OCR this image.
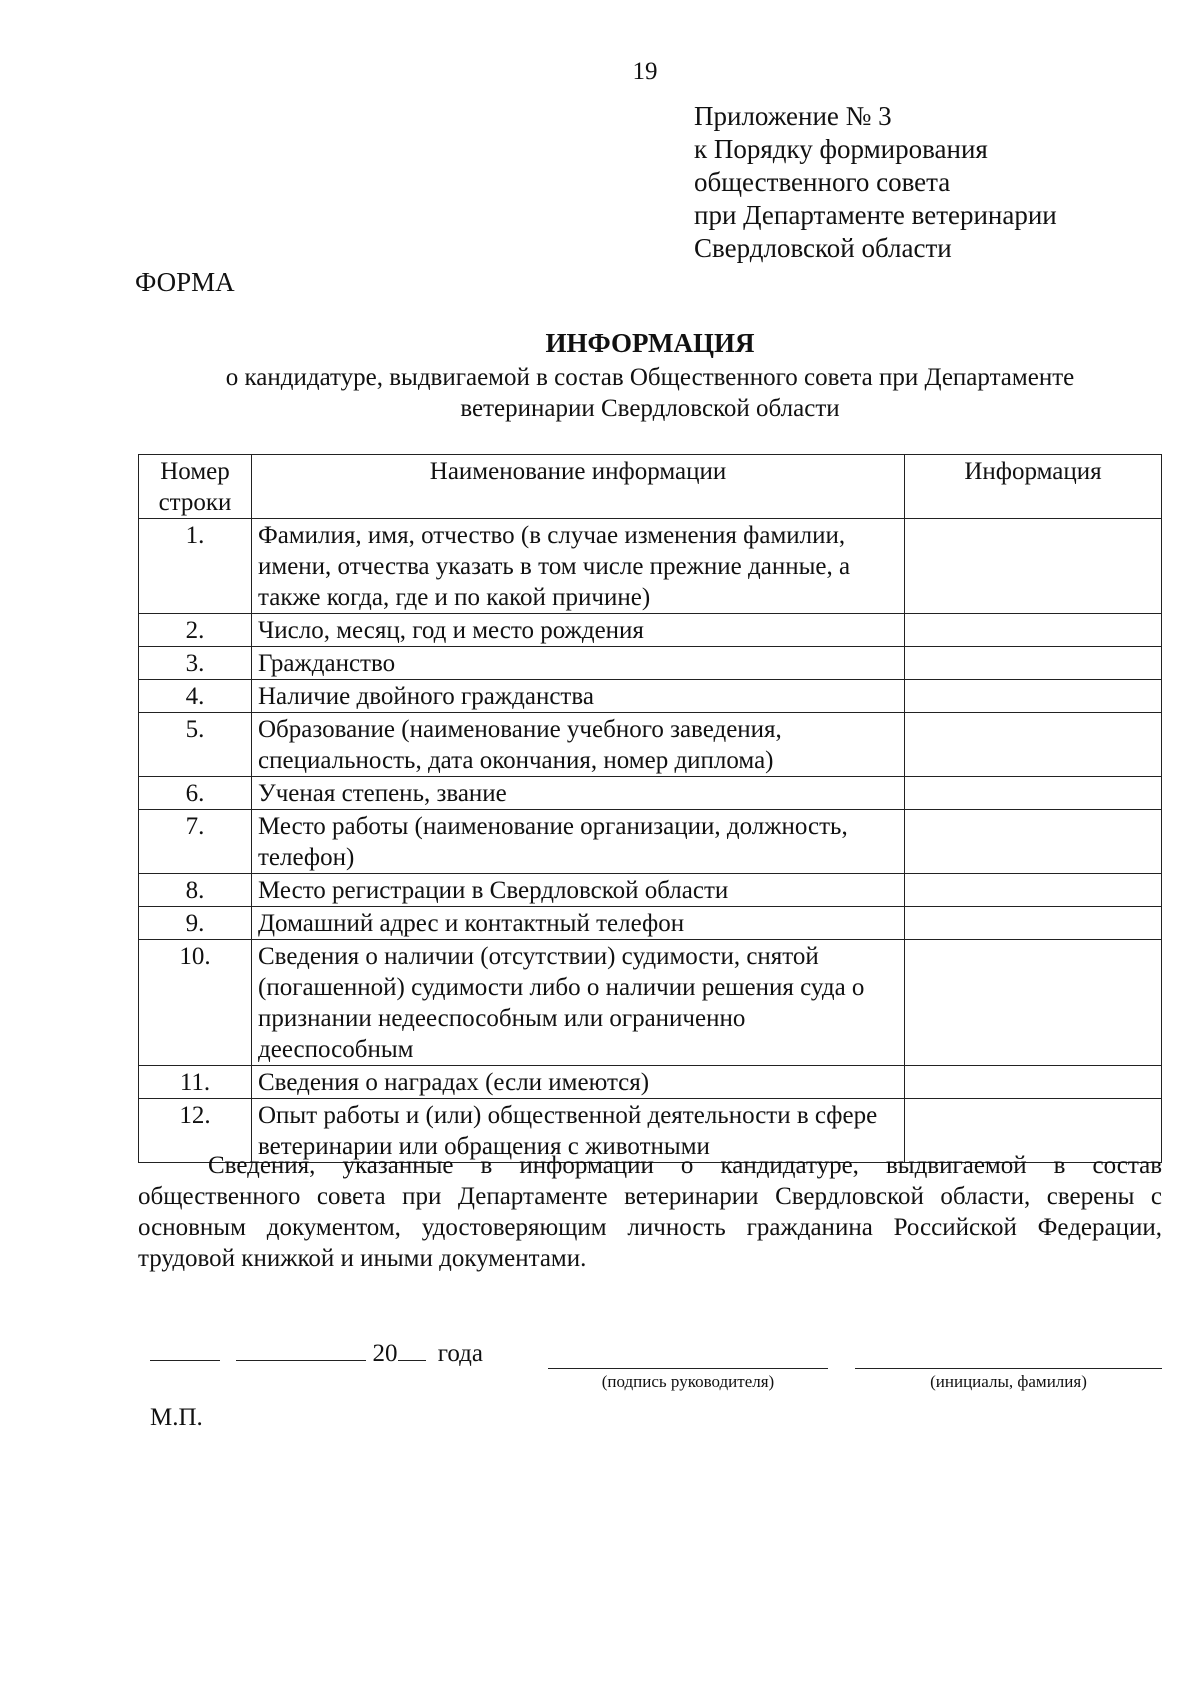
19
Приложение № 3
к Порядку формирования
общественного совета
при Департаменте ветеринарии
Свердловской области
ФОРМА
ИНФОРМАЦИЯ
о кандидатуре, выдвигаемой в состав Общественного совета при Департаменте
ветеринарии Свердловской области
Номер строки	Наименование информации	Информация
1.	Фамилия, имя, отчество (в случае изменения фамилии, имени, отчества указать в том числе прежние данные, а также когда, где и по какой причине)	
2.	Число, месяц, год и место рождения	
3.	Гражданство	
4.	Наличие двойного гражданства	
5.	Образование (наименование учебного заведения, специальность, дата окончания, номер диплома)	
6.	Ученая степень, звание	
7.	Место работы (наименование организации, должность, телефон)	
8.	Место регистрации в Свердловской области	
9.	Домашний адрес и контактный телефон	
10.	Сведения о наличии (отсутствии) судимости, снятой (погашенной) судимости либо о наличии решения суда о признании недееспособным или ограниченно дееспособным	
11.	Сведения о наградах (если имеются)	
12.	Опыт работы и (или) общественной деятельности в сфере ветеринарии или обращения с животными	
Сведения, указанные в информации о кандидатуре, выдвигаемой в состав общественного совета при Департаменте ветеринарии Свердловской области, сверены с основным документом, удостоверяющим личность гражданина Российской Федерации, трудовой книжкой и иными документами.
20 года
(подпись руководителя)	(инициалы, фамилия)
М.П.
